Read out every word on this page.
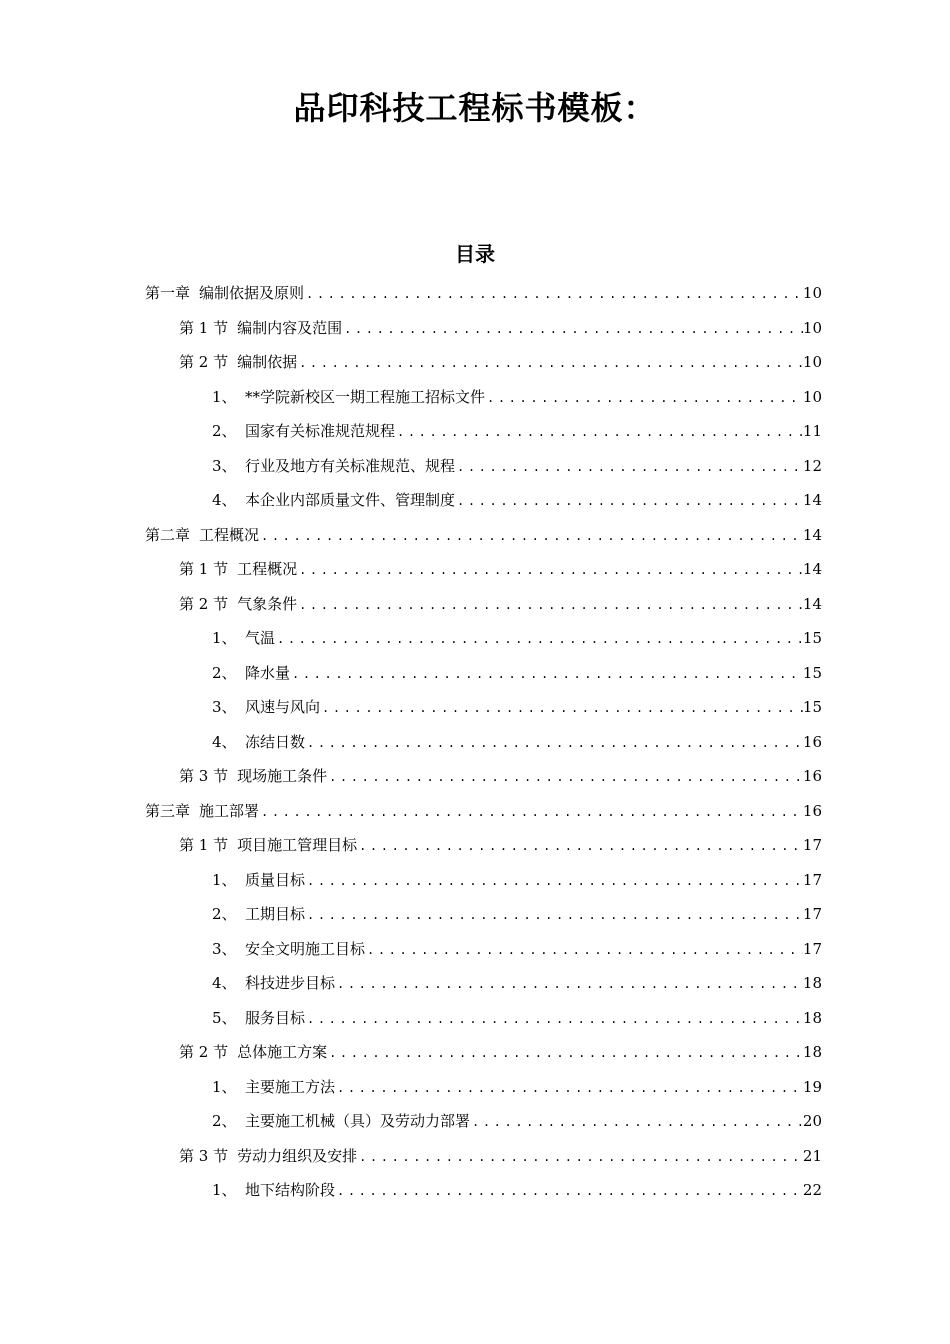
品印科技工程标书模板：
目录
第一章 编制依据及原则 .....	10
第 1 节 编制内容及范围 .....	10
第 2 节 编制依据 .....	10
1、 **学院新校区一期工程施工招标文件 .....	10
2、 国家有关标准规范规程 .....	11
3、 行业及地方有关标准规范、规程 .....	12
4、 本企业内部质量文件、管理制度 .....	14
第二章 工程概况 .....	14
第 1 节 工程概况 .....	14
第 2 节 气象条件 .....	14
1、 气温 .....	15
2、 降水量 .....	15
3、 风速与风向 .....	15
4、 冻结日数 .....	16
第 3 节 现场施工条件 .....	16
第三章 施工部署 .....	16
第 1 节 项目施工管理目标 .....	17
1、 质量目标 .....	17
2、 工期目标 .....	17
3、 安全文明施工目标 .....	17
4、 科技进步目标 .....	18
5、 服务目标 .....	18
第 2 节 总体施工方案 .....	18
1、 主要施工方法 .....	19
2、 主要施工机械（具）及劳动力部署 .....	20
第 3 节 劳动力组织及安排 .....	21
1、 地下结构阶段 .....	22
